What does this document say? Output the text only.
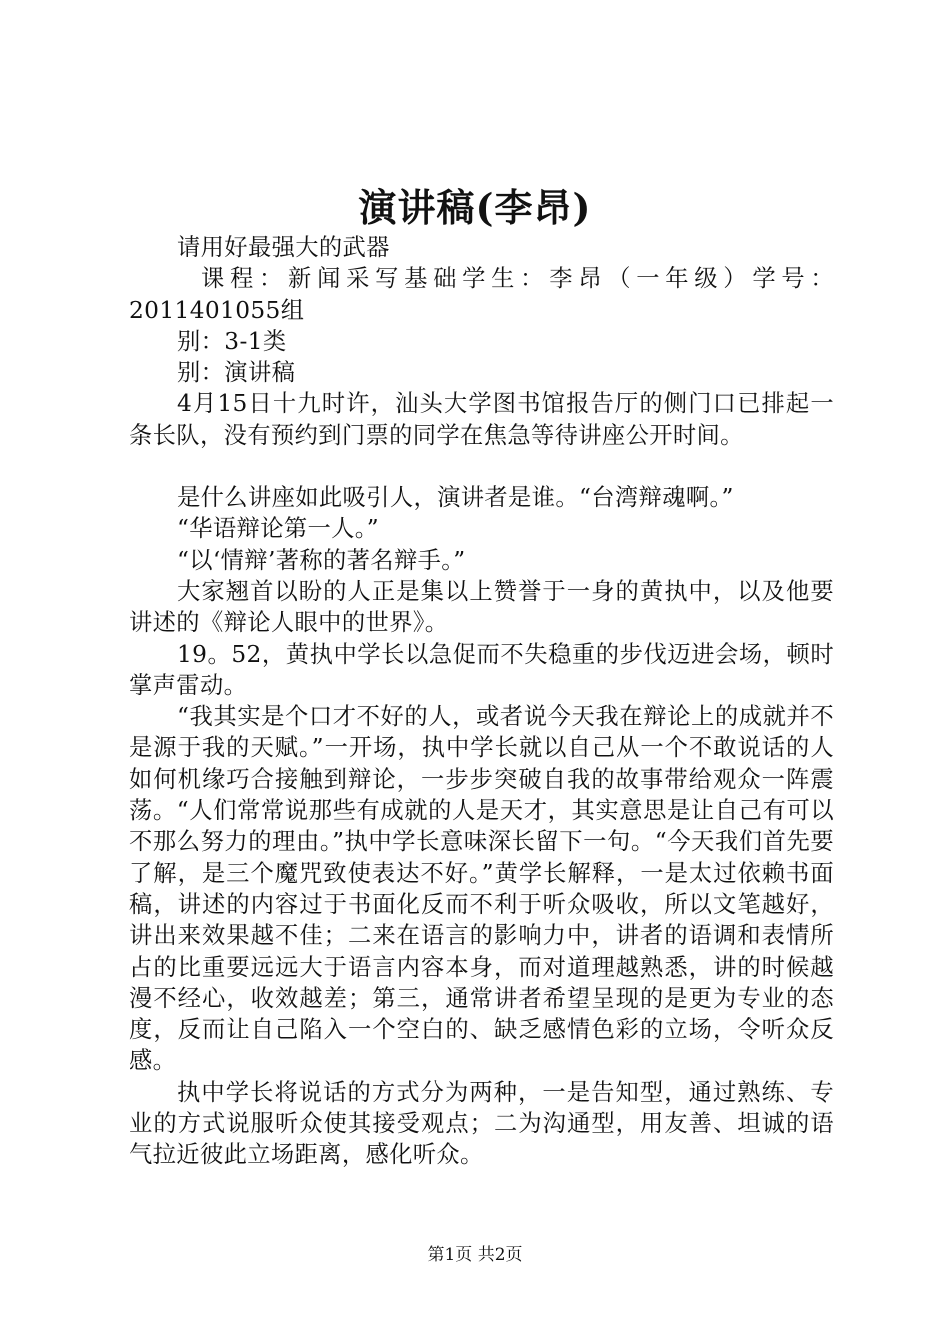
演讲稿(李昂)

请用好最强大的武器

课程：新闻采写基础学生：李昂（一年级）学号：

2011401055组

别：3-1类

别：演讲稿

4月15日十九时许，汕头大学图书馆报告厅的侧门口已排起一条长队，没有预约到门票的同学在焦急等待讲座公开时间。

是什么讲座如此吸引人，演讲者是谁。“台湾辩魂啊。”

“华语辩论第一人。”

“以‘情辩’著称的著名辩手。”

大家翘首以盼的人正是集以上赞誉于一身的黄执中，以及他要讲述的《辩论人眼中的世界》。

19。52，黄执中学长以急促而不失稳重的步伐迈进会场，顿时掌声雷动。

“我其实是个口才不好的人，或者说今天我在辩论上的成就并不是源于我的天赋。”一开场，执中学长就以自己从一个不敢说话的人如何机缘巧合接触到辩论，一步步突破自我的故事带给观众一阵震荡。“人们常常说那些有成就的人是天才，其实意思是让自己有可以不那么努力的理由。”执中学长意味深长留下一句。“今天我们首先要了解，是三个魔咒致使表达不好。”黄学长解释，一是太过依赖书面稿，讲述的内容过于书面化反而不利于听众吸收，所以文笔越好，讲出来效果越不佳；二来在语言的影响力中，讲者的语调和表情所占的比重要远远大于语言内容本身，而对道理越熟悉，讲的时候越漫不经心，收效越差；第三，通常讲者希望呈现的是更为专业的态度，反而让自己陷入一个空白的、缺乏感情色彩的立场，令听众反感。

执中学长将说话的方式分为两种，一是告知型，通过熟练、专业的方式说服听众使其接受观点；二为沟通型，用友善、坦诚的语气拉近彼此立场距离，感化听众。

第1页 共2页
